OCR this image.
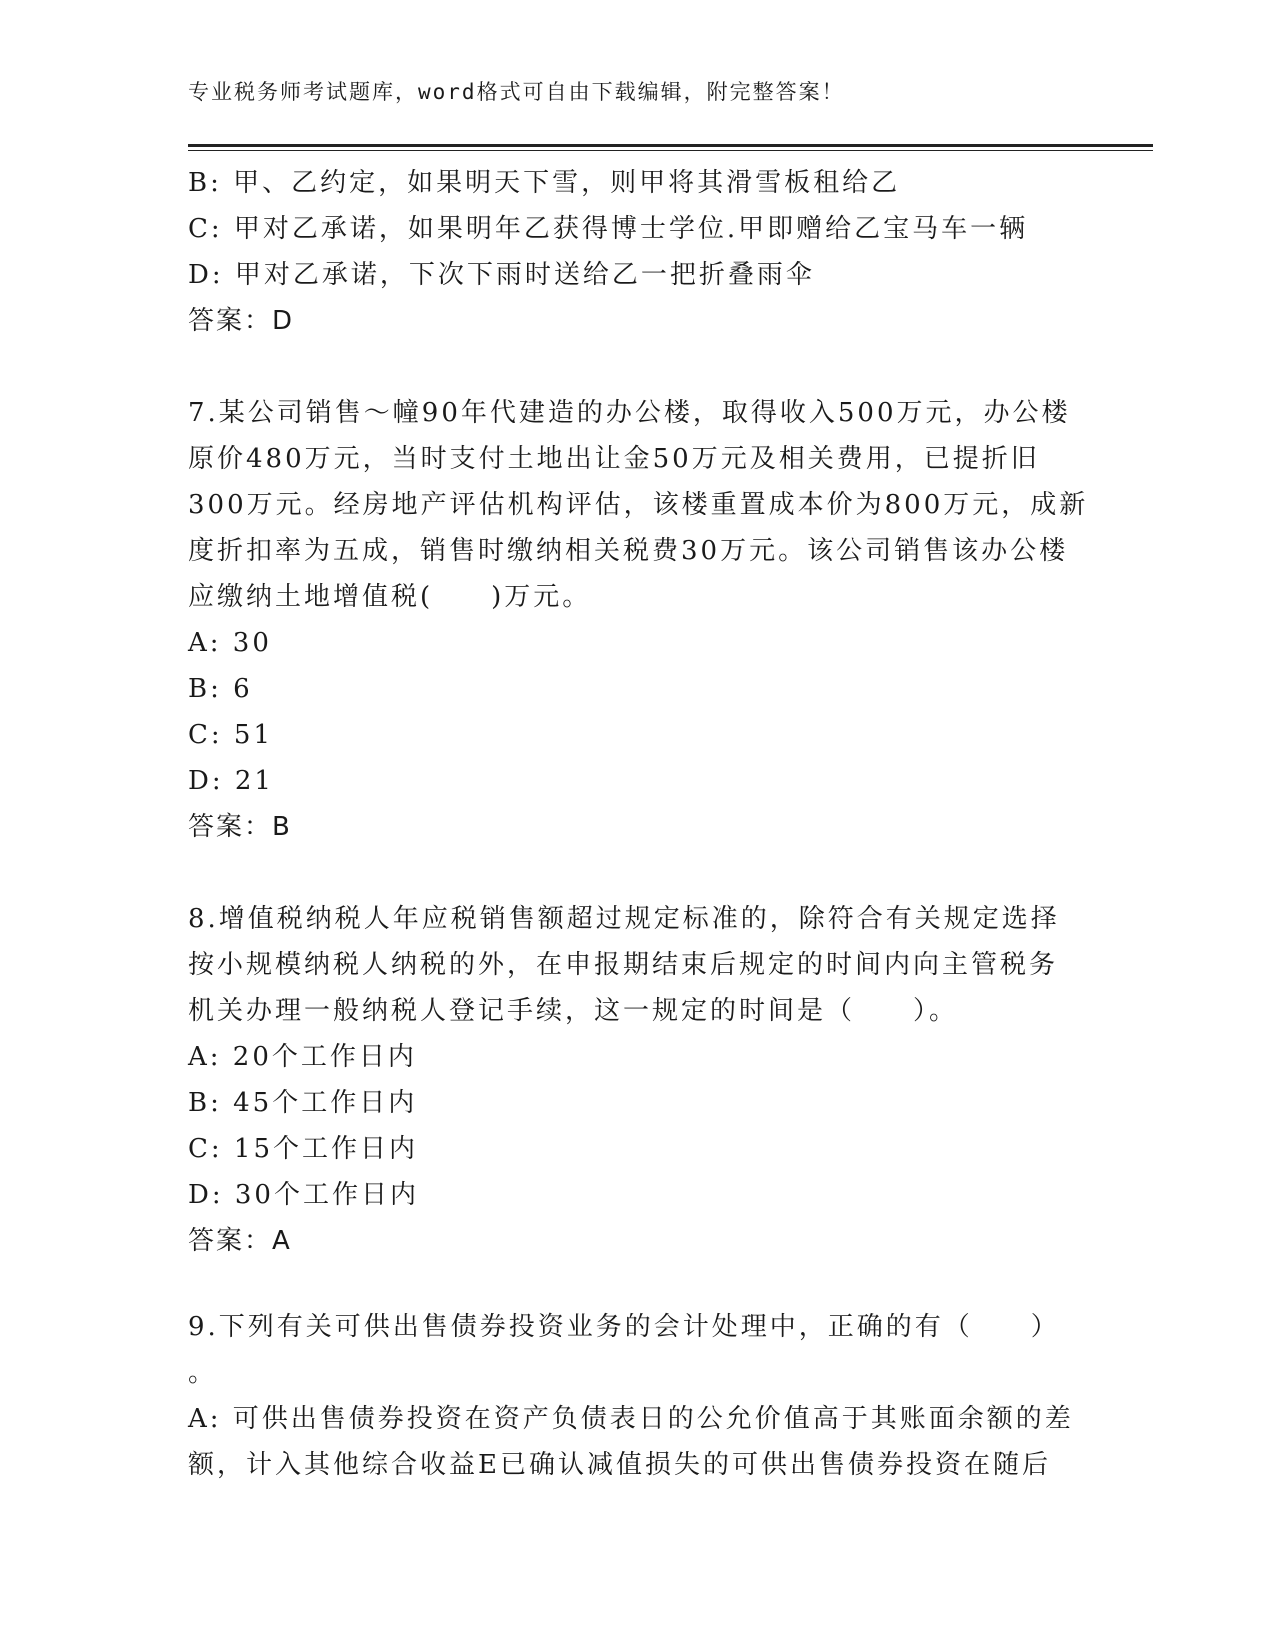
专业税务师考试题库，word格式可自由下载编辑，附完整答案！
B: 甲、乙约定，如果明天下雪，则甲将其滑雪板租给乙
C: 甲对乙承诺，如果明年乙获得博士学位.甲即赠给乙宝马车一辆
D: 甲对乙承诺，下次下雨时送给乙一把折叠雨伞
答案：D
7.某公司销售～幢90年代建造的办公楼，取得收入500万元，办公楼
原价480万元，当时支付土地出让金50万元及相关费用，已提折旧
300万元。经房地产评估机构评估，该楼重置成本价为800万元，成新
度折扣率为五成，销售时缴纳相关税费30万元。该公司销售该办公楼
应缴纳土地增值税(　　)万元。
A: 30
B: 6
C: 51
D: 21
答案：B
8.增值税纳税人年应税销售额超过规定标准的，除符合有关规定选择
按小规模纳税人纳税的外，在申报期结束后规定的时间内向主管税务
机关办理一般纳税人登记手续，这一规定的时间是（　　）。
A: 20个工作日内
B: 45个工作日内
C: 15个工作日内
D: 30个工作日内
答案：A
9.下列有关可供出售债券投资业务的会计处理中，正确的有（　　）
。
A: 可供出售债券投资在资产负债表日的公允价值高于其账面余额的差
额，计入其他综合收益E已确认减值损失的可供出售债券投资在随后
